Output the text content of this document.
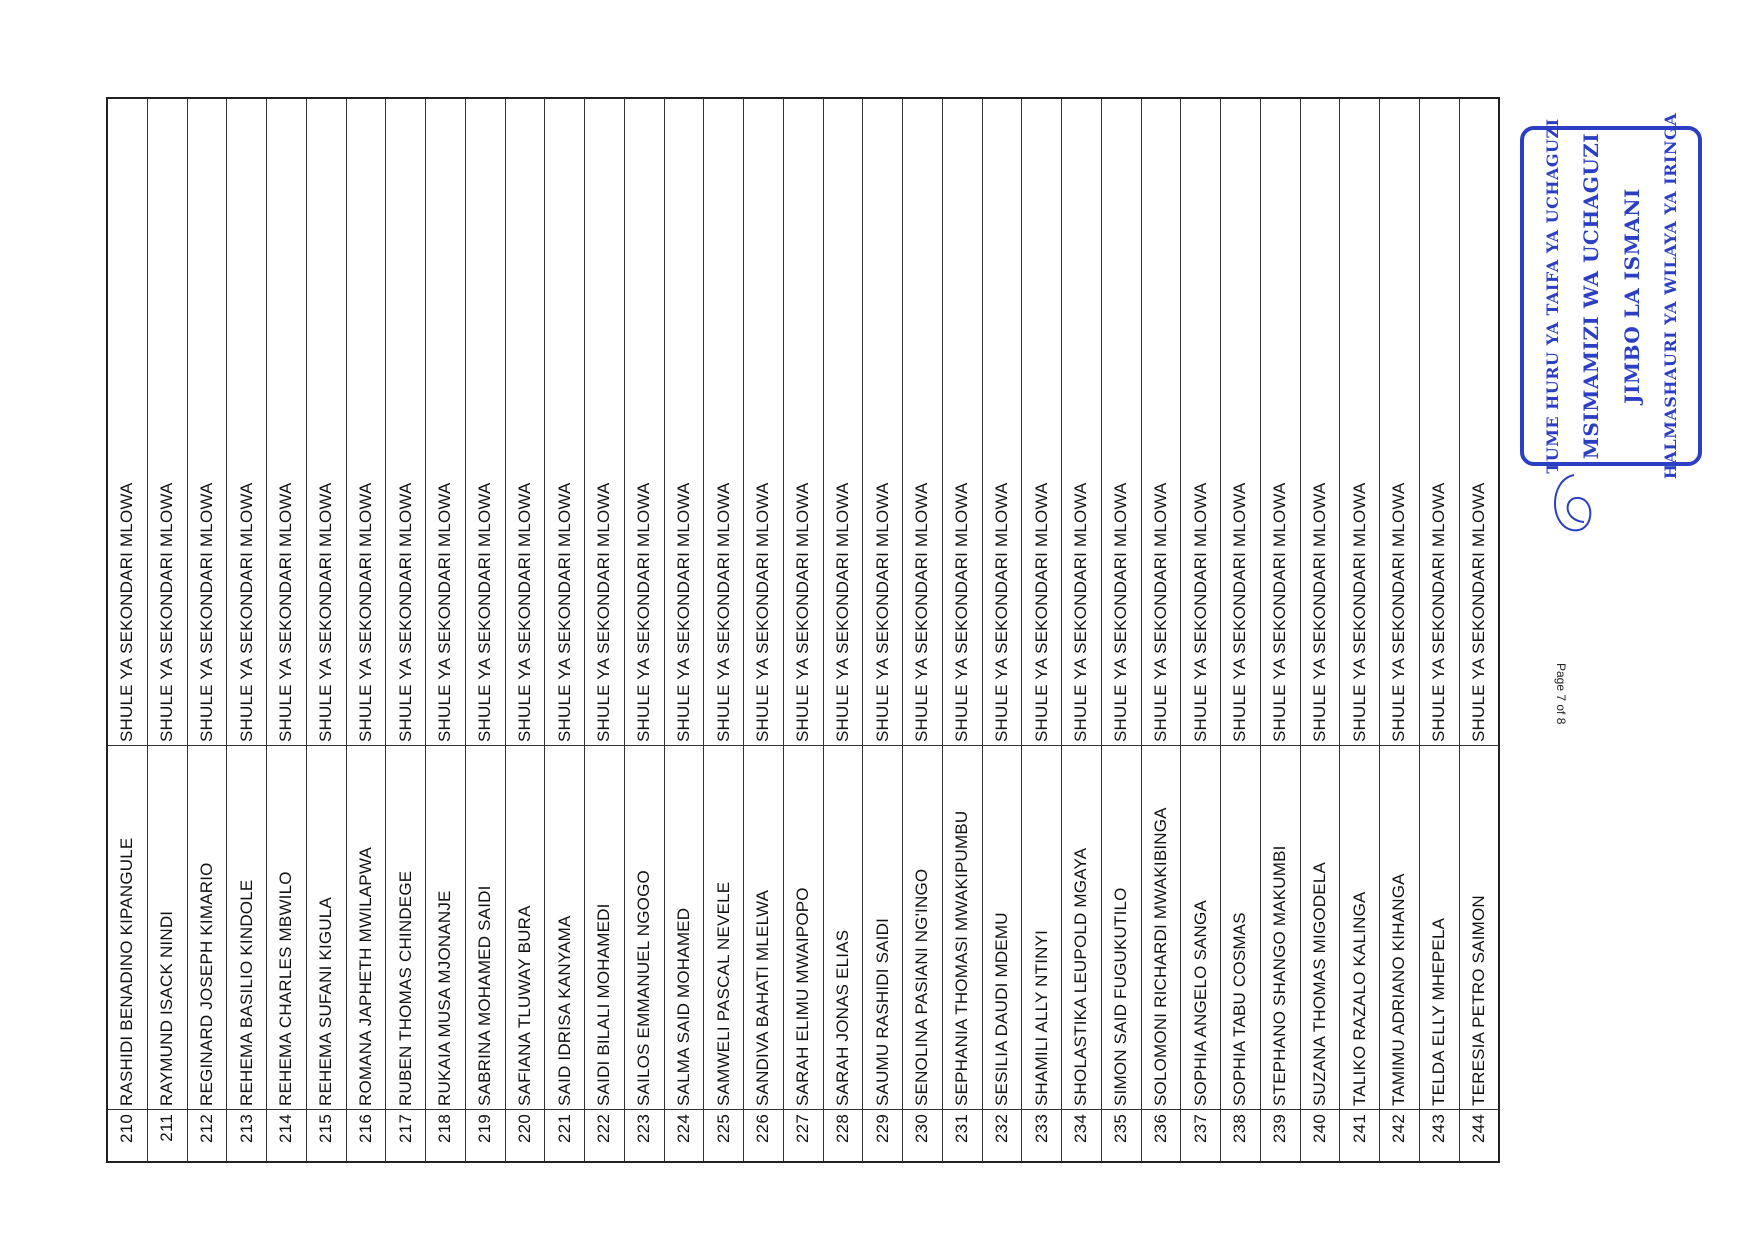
210
RASHIDI BENADINO KIPANGULE
SHULE YA SEKONDARI MLOWA
211
RAYMUND ISACK NINDI
SHULE YA SEKONDARI MLOWA
212
REGINARD JOSEPH KIMARIO
SHULE YA SEKONDARI MLOWA
213
REHEMA BASILIO KINDOLE
SHULE YA SEKONDARI MLOWA
214
REHEMA CHARLES MBWILO
SHULE YA SEKONDARI MLOWA
215
REHEMA SUFANI KIGULA
SHULE YA SEKONDARI MLOWA
216
ROMANA JAPHETH MWILAPWA
SHULE YA SEKONDARI MLOWA
217
RUBEN THOMAS CHINDEGE
SHULE YA SEKONDARI MLOWA
218
RUKAIA MUSA MJONANJE
SHULE YA SEKONDARI MLOWA
219
SABRINA MOHAMED SAIDI
SHULE YA SEKONDARI MLOWA
220
SAFIANA TLUWAY BURA
SHULE YA SEKONDARI MLOWA
221
SAID IDRISA KANYAMA
SHULE YA SEKONDARI MLOWA
222
SAIDI BILALI MOHAMEDI
SHULE YA SEKONDARI MLOWA
223
SAILOS EMMANUEL NGOGO
SHULE YA SEKONDARI MLOWA
224
SALMA SAID MOHAMED
SHULE YA SEKONDARI MLOWA
225
SAMWELI PASCAL NEVELE
SHULE YA SEKONDARI MLOWA
226
SANDIVA BAHATI MLELWA
SHULE YA SEKONDARI MLOWA
227
SARAH ELIMU MWAIPOPO
SHULE YA SEKONDARI MLOWA
228
SARAH JONAS ELIAS
SHULE YA SEKONDARI MLOWA
229
SAUMU RASHIDI SAIDI
SHULE YA SEKONDARI MLOWA
230
SENOLINA PASIANI NG'INGO
SHULE YA SEKONDARI MLOWA
231
SEPHANIA THOMASI MWAKIPUMBU
SHULE YA SEKONDARI MLOWA
232
SESILIA DAUDI MDEMU
SHULE YA SEKONDARI MLOWA
233
SHAMILI ALLY NTINYI
SHULE YA SEKONDARI MLOWA
234
SHOLASTIKA LEUPOLD MGAYA
SHULE YA SEKONDARI MLOWA
235
SIMON SAID FUGUKUTILO
SHULE YA SEKONDARI MLOWA
236
SOLOMONI RICHARDI MWAKIBINGA
SHULE YA SEKONDARI MLOWA
237
SOPHIA ANGELO SANGA
SHULE YA SEKONDARI MLOWA
238
SOPHIA TABU COSMAS
SHULE YA SEKONDARI MLOWA
239
STEPHANO SHANGO MAKUMBI
SHULE YA SEKONDARI MLOWA
240
SUZANA THOMAS MIGODELA
SHULE YA SEKONDARI MLOWA
241
TALIKO RAZALO KALINGA
SHULE YA SEKONDARI MLOWA
242
TAMIMU ADRIANO KIHANGA
SHULE YA SEKONDARI MLOWA
243
TELDA ELLY MHEPELA
SHULE YA SEKONDARI MLOWA
244
TERESIA PETRO SAIMON
SHULE YA SEKONDARI MLOWA	Page 7 of 8
TUME HURU YA TAIFA YA UCHAGUZI MSIMAMIZI WA UCHAGUZI JIMBO LA ISMANI HALMASHAURI YA WILAYA YA IRINGA
